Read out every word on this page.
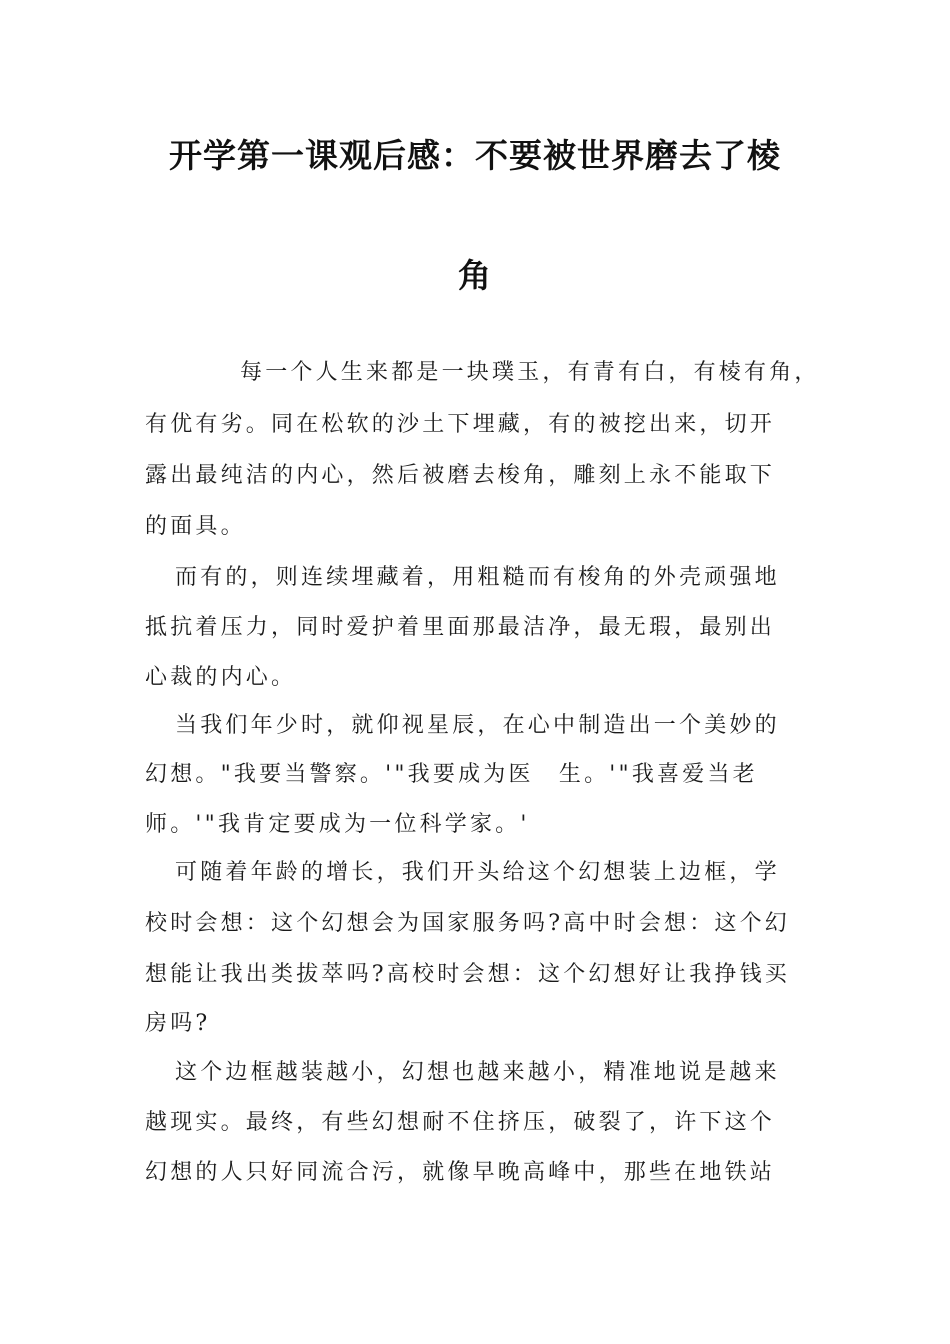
开学第一课观后感：不要被世界磨去了棱
角
每一个人生来都是一块璞玉，有青有白，有棱有角，
有优有劣。同在松软的沙土下埋藏，有的被挖出来，切开
露出最纯洁的内心，然后被磨去梭角，雕刻上永不能取下
的面具。
而有的，则连续埋藏着，用粗糙而有梭角的外壳顽强地
抵抗着压力，同时爱护着里面那最洁净，最无瑕，最别出
心裁的内心。
当我们年少时，就仰视星辰，在心中制造出一个美妙的
幻想。"我要当警察。'"我要成为医　生。'"我喜爱当老
师。'"我肯定要成为一位科学家。'
可随着年龄的增长，我们开头给这个幻想装上边框，学
校时会想：这个幻想会为国家服务吗?高中时会想：这个幻
想能让我出类拔萃吗?高校时会想：这个幻想好让我挣钱买
房吗?
这个边框越装越小，幻想也越来越小，精准地说是越来
越现实。最终，有些幻想耐不住挤压，破裂了，许下这个
幻想的人只好同流合污，就像早晚高峰中，那些在地铁站
